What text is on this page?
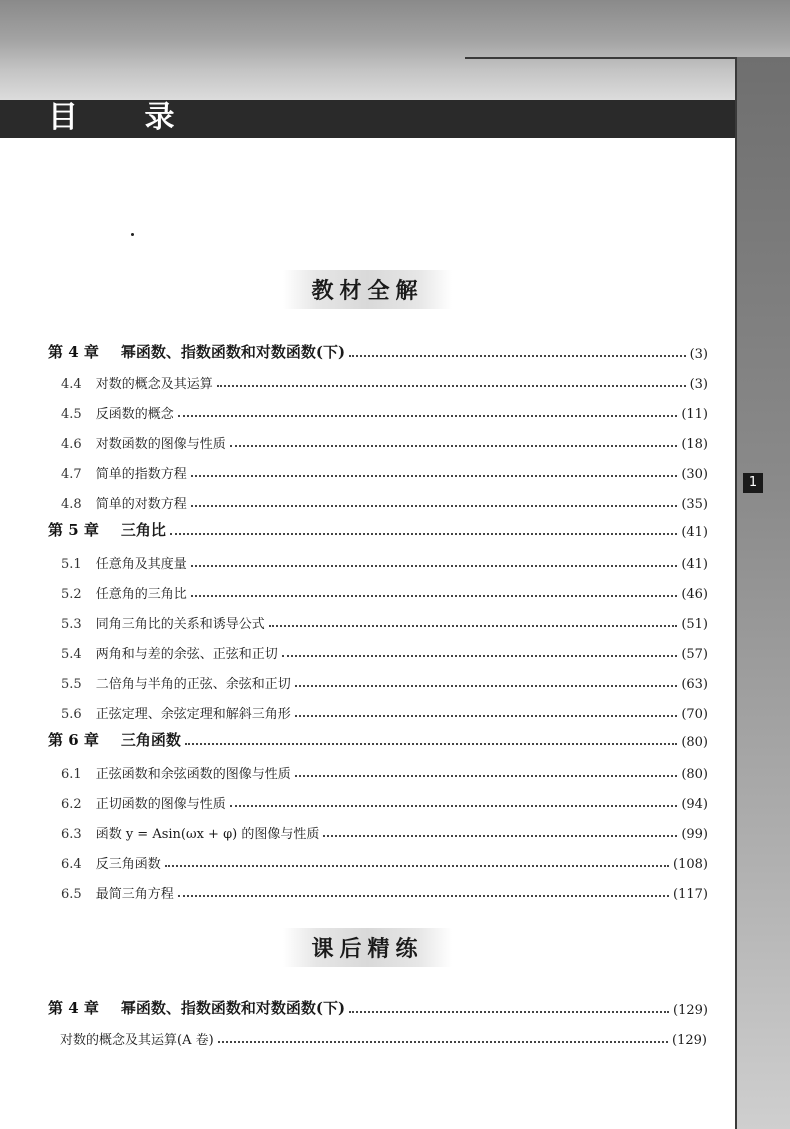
目 录
1
教材全解
课后精练
第 4 章 幂函数、指数函数和对数函数(下)	(3)
4.4 对数的概念及其运算	(3)
4.5 反函数的概念	(11)
4.6 对数函数的图像与性质	(18)
4.7 简单的指数方程	(30)
4.8 简单的对数方程	(35)
第 5 章 三角比	(41)
5.1 任意角及其度量	(41)
5.2 任意角的三角比	(46)
5.3 同角三角比的关系和诱导公式	(51)
5.4 两角和与差的余弦、正弦和正切	(57)
5.5 二倍角与半角的正弦、余弦和正切	(63)
5.6 正弦定理、余弦定理和解斜三角形	(70)
第 6 章 三角函数	(80)
6.1 正弦函数和余弦函数的图像与性质	(80)
6.2 正切函数的图像与性质	(94)
6.3 函数 y = Asin(ωx + φ) 的图像与性质	(99)
6.4 反三角函数	(108)
6.5 最简三角方程	(117)
第 4 章 幂函数、指数函数和对数函数(下)	(129)
对数的概念及其运算(A 卷)	(129)
